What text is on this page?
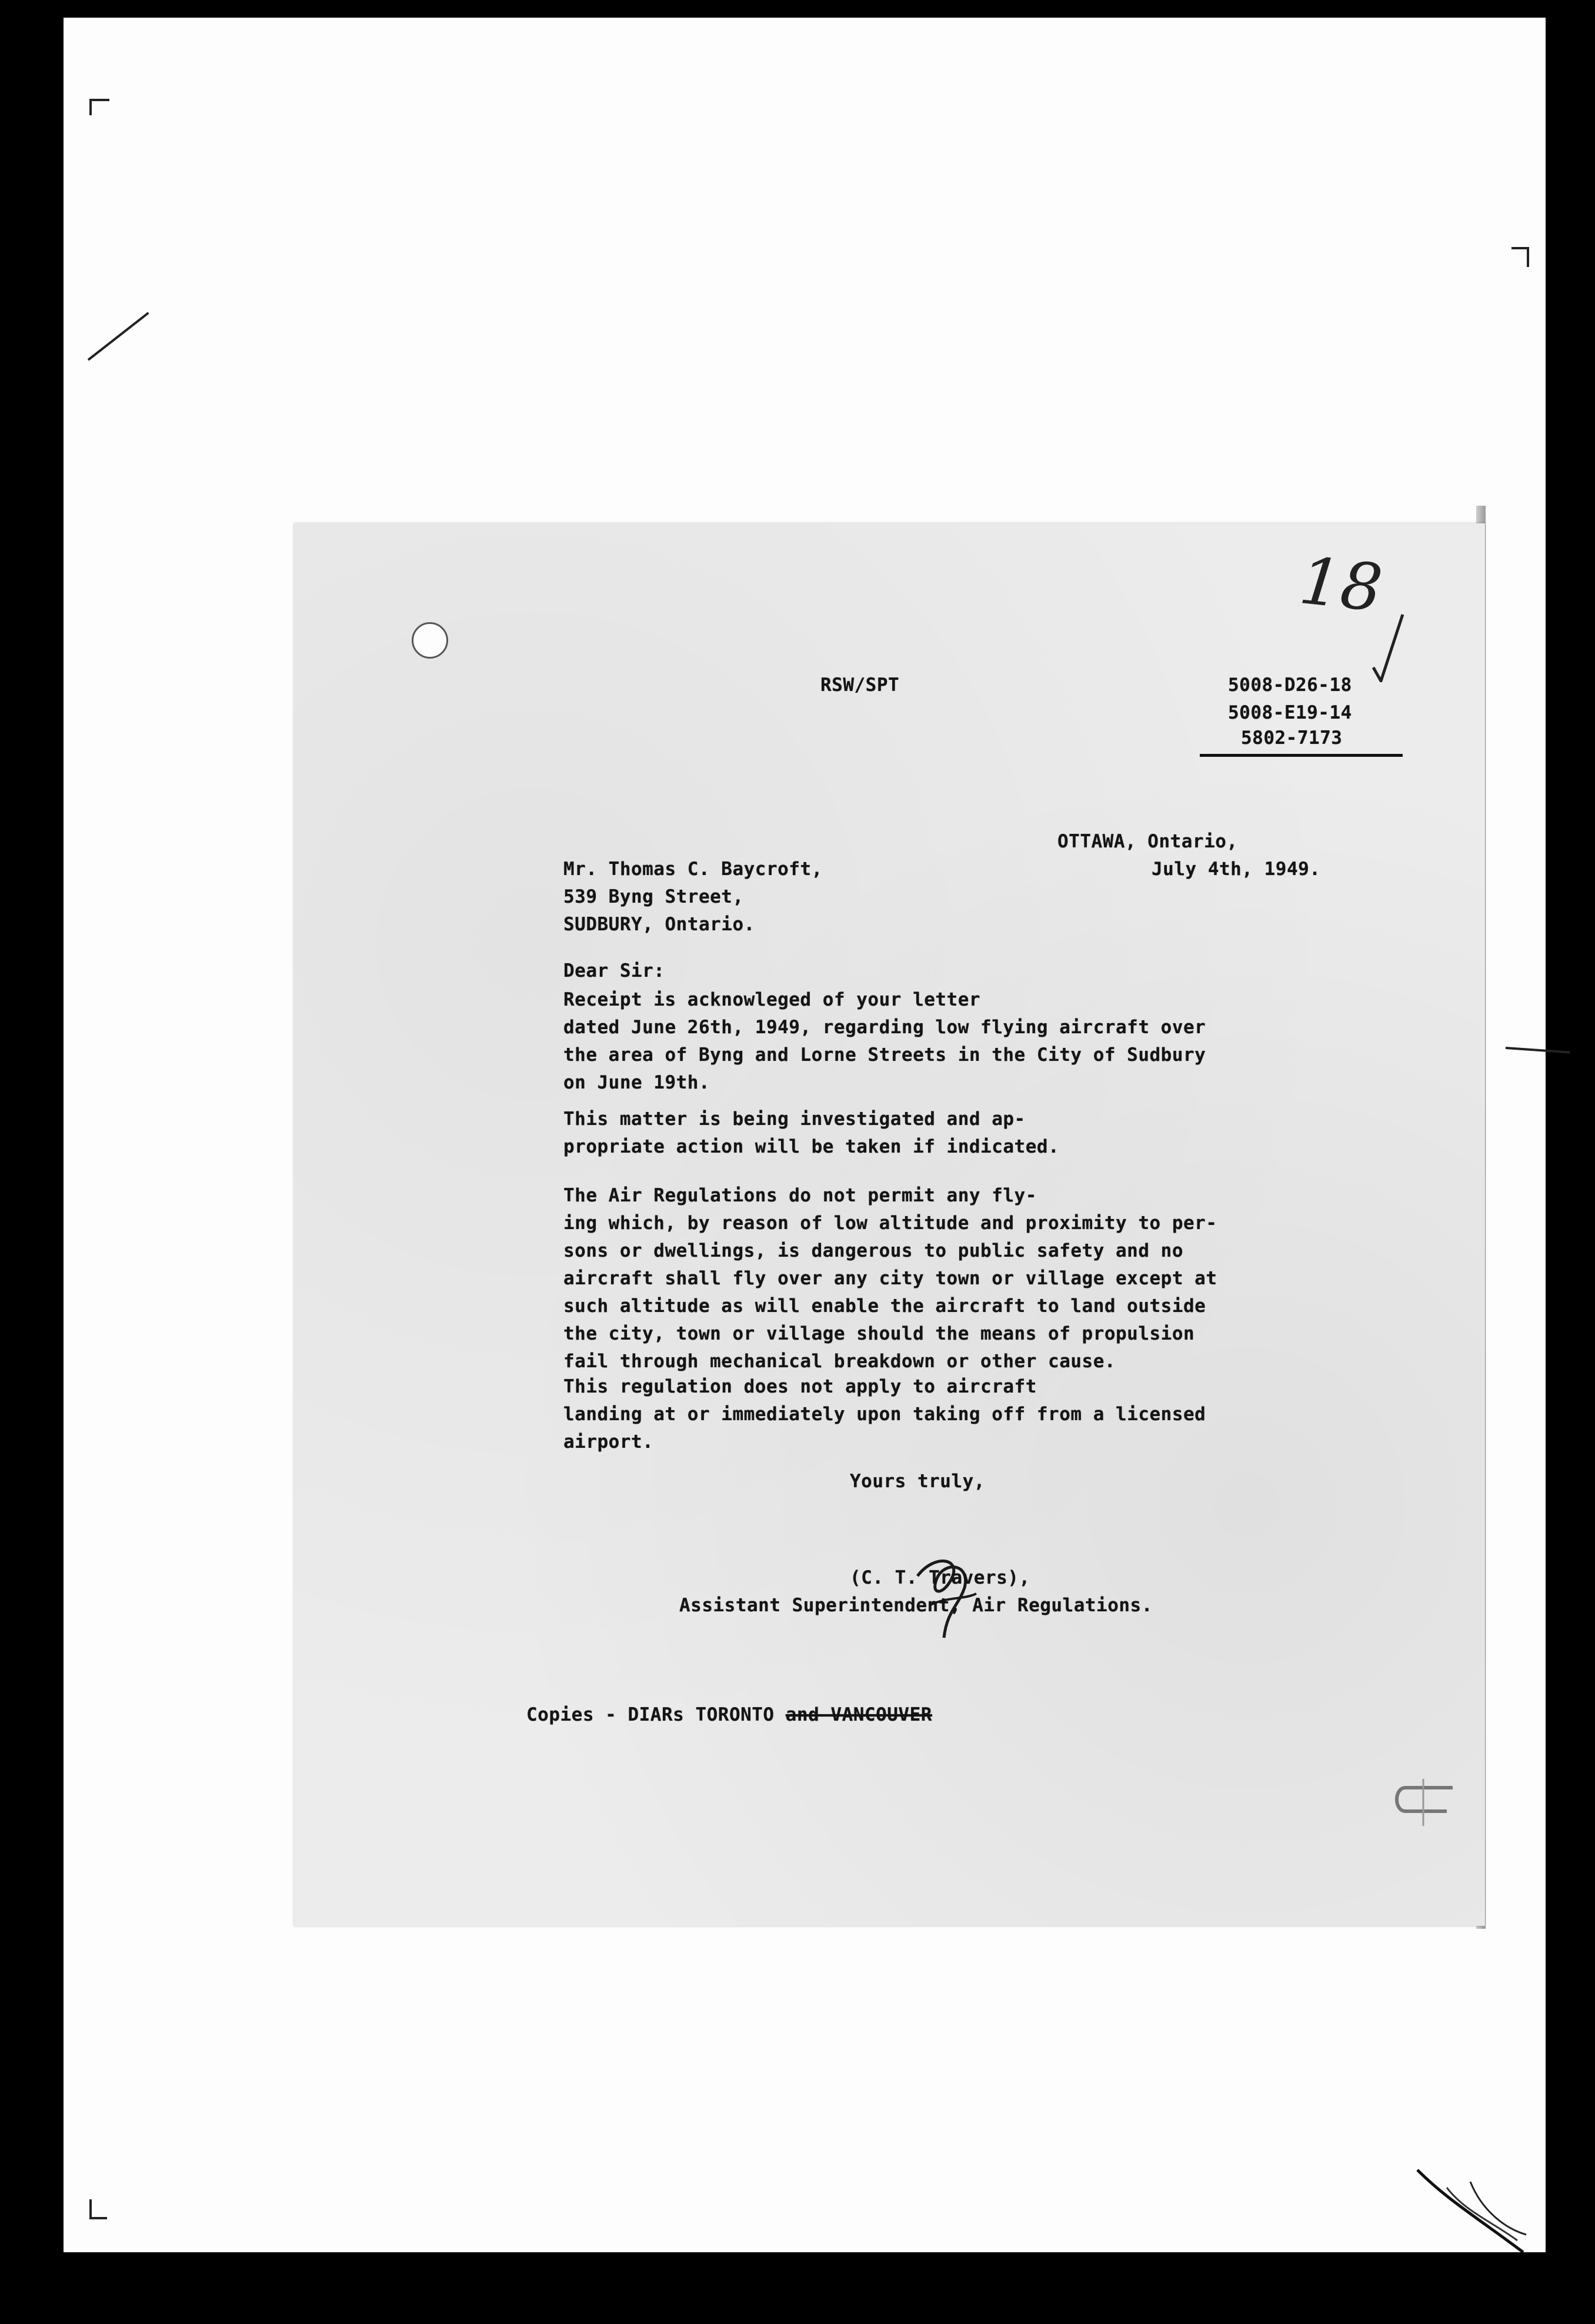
RSW/SPT
18
5008-D26-18
5008-E19-14
5802-7173
OTTAWA, Ontario,
July 4th, 1949.
Mr. Thomas C. Baycroft,
539 Byng Street,
SUDBURY, Ontario.
Dear Sir:
Receipt is acknowleged of your letter
dated June 26th, 1949, regarding low flying aircraft over
the area of Byng and Lorne Streets in the City of Sudbury
on June 19th.
This matter is being investigated and ap-
propriate action will be taken if indicated.
The Air Regulations do not permit any fly-
ing which, by reason of low altitude and proximity to per-
sons or dwellings, is dangerous to public safety and no
aircraft shall fly over any city town or village except at
such altitude as will enable the aircraft to land outside
the city, town or village should the means of propulsion
fail through mechanical breakdown or other cause.
This regulation does not apply to aircraft
landing at or immediately upon taking off from a licensed
airport.
Yours truly,
(C. T. Travers),
Assistant Superintendent, Air Regulations.
Copies - DIARs TORONTO and VANCOUVER
